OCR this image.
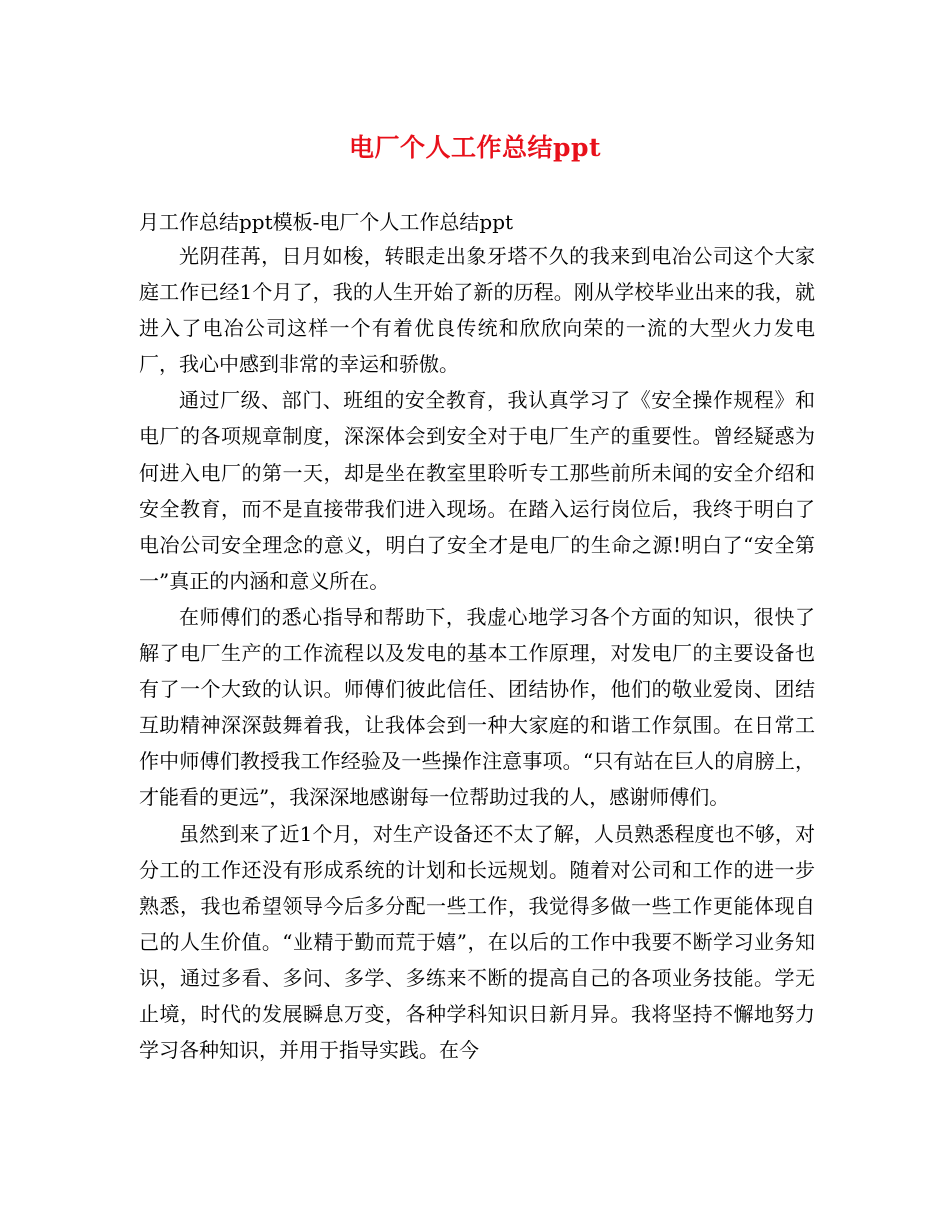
电厂个人工作总结ppt
月工作总结ppt模板-电厂个人工作总结ppt

光阴荏苒，日月如梭，转眼走出象牙塔不久的我来到电冶公司这个大家庭工作已经1个月了，我的人生开始了新的历程。刚从学校毕业出来的我，就进入了电冶公司这样一个有着优良传统和欣欣向荣的一流的大型火力发电厂，我心中感到非常的幸运和骄傲。

通过厂级、部门、班组的安全教育，我认真学习了《安全操作规程》和电厂的各项规章制度，深深体会到安全对于电厂生产的重要性。曾经疑惑为何进入电厂的第一天，却是坐在教室里聆听专工那些前所未闻的安全介绍和安全教育，而不是直接带我们进入现场。在踏入运行岗位后，我终于明白了电冶公司安全理念的意义，明白了安全才是电厂的生命之源!明白了“安全第一”真正的内涵和意义所在。

在师傅们的悉心指导和帮助下，我虚心地学习各个方面的知识，很快了解了电厂生产的工作流程以及发电的基本工作原理，对发电厂的主要设备也有了一个大致的认识。师傅们彼此信任、团结协作，他们的敬业爱岗、团结互助精神深深鼓舞着我，让我体会到一种大家庭的和谐工作氛围。在日常工作中师傅们教授我工作经验及一些操作注意事项。“只有站在巨人的肩膀上，才能看的更远”，我深深地感谢每一位帮助过我的人，感谢师傅们。

虽然到来了近1个月，对生产设备还不太了解，人员熟悉程度也不够，对分工的工作还没有形成系统的计划和长远规划。随着对公司和工作的进一步熟悉，我也希望领导今后多分配一些工作，我觉得多做一些工作更能体现自己的人生价值。“业精于勤而荒于嬉”，在以后的工作中我要不断学习业务知识，通过多看、多问、多学、多练来不断的提高自己的各项业务技能。学无止境，时代的发展瞬息万变，各种学科知识日新月异。我将坚持不懈地努力学习各种知识，并用于指导实践。在今
